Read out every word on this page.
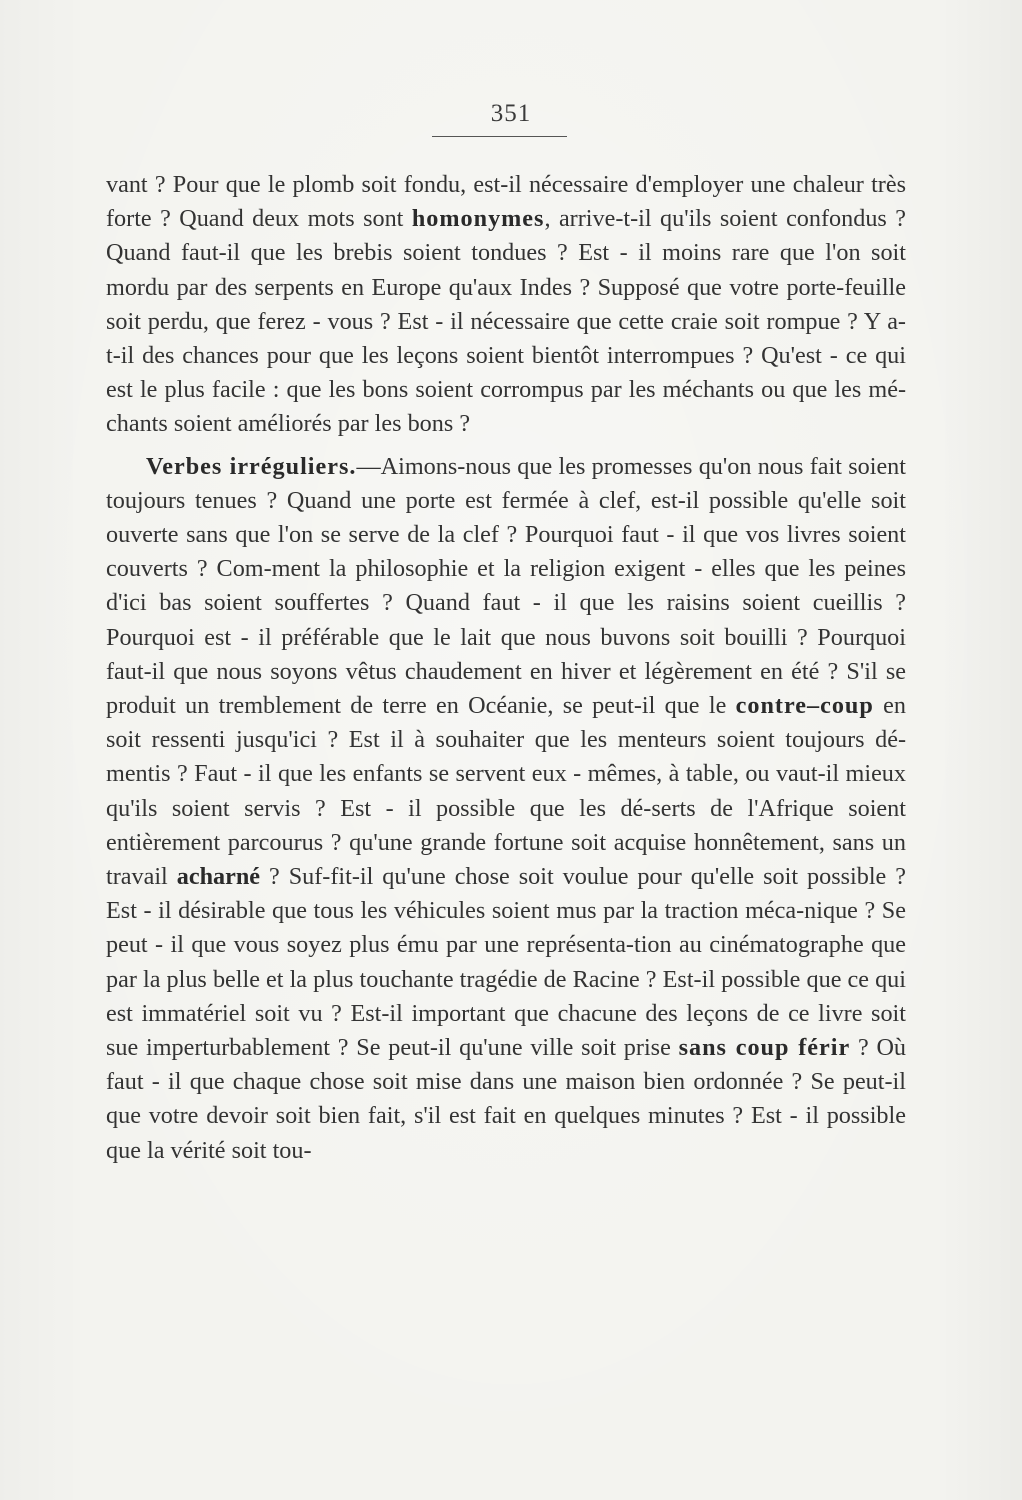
351

vant ? Pour que le plomb soit fondu, est-il nécessaire d'employer une chaleur très forte ? Quand deux mots sont homonymes, arrive-t-il qu'ils soient confondus ? Quand faut-il que les brebis soient tondues ? Est - il moins rare que l'on soit mordu par des serpents en Europe qu'aux Indes ? Supposé que votre porte-feuille soit perdu, que ferez - vous ? Est - il nécessaire que cette craie soit rompue ? Y a-t-il des chances pour que les leçons soient bientôt interrompues ? Qu'est - ce qui est le plus facile : que les bons soient corrompus par les méchants ou que les mé-chants soient améliorés par les bons ?

Verbes irréguliers.—Aimons-nous que les promesses qu'on nous fait soient toujours tenues ? Quand une porte est fermée à clef, est-il possible qu'elle soit ouverte sans que l'on se serve de la clef ? Pourquoi faut - il que vos livres soient couverts ? Com-ment la philosophie et la religion exigent - elles que les peines d'ici bas soient souffertes ? Quand faut - il que les raisins soient cueillis ? Pourquoi est - il préférable que le lait que nous buvons soit bouilli ? Pourquoi faut-il que nous soyons vêtus chaudement en hiver et légèrement en été ? S'il se produit un tremblement de terre en Océanie, se peut-il que le contre–coup en soit ressenti jusqu'ici ? Est il à souhaiter que les menteurs soient toujours dé-mentis ? Faut - il que les enfants se servent eux - mêmes, à table, ou vaut-il mieux qu'ils soient servis ? Est - il possible que les dé-serts de l'Afrique soient entièrement parcourus ? qu'une grande fortune soit acquise honnêtement, sans un travail acharné ? Suf-fit-il qu'une chose soit voulue pour qu'elle soit possible ? Est - il désirable que tous les véhicules soient mus par la traction méca-nique ? Se peut - il que vous soyez plus ému par une représenta-tion au cinématographe que par la plus belle et la plus touchante tragédie de Racine ? Est-il possible que ce qui est immatériel soit vu ? Est-il important que chacune des leçons de ce livre soit sue imperturbablement ? Se peut-il qu'une ville soit prise sans coup férir ? Où faut - il que chaque chose soit mise dans une maison bien ordonnée ? Se peut-il que votre devoir soit bien fait, s'il est fait en quelques minutes ? Est - il possible que la vérité soit tou-
